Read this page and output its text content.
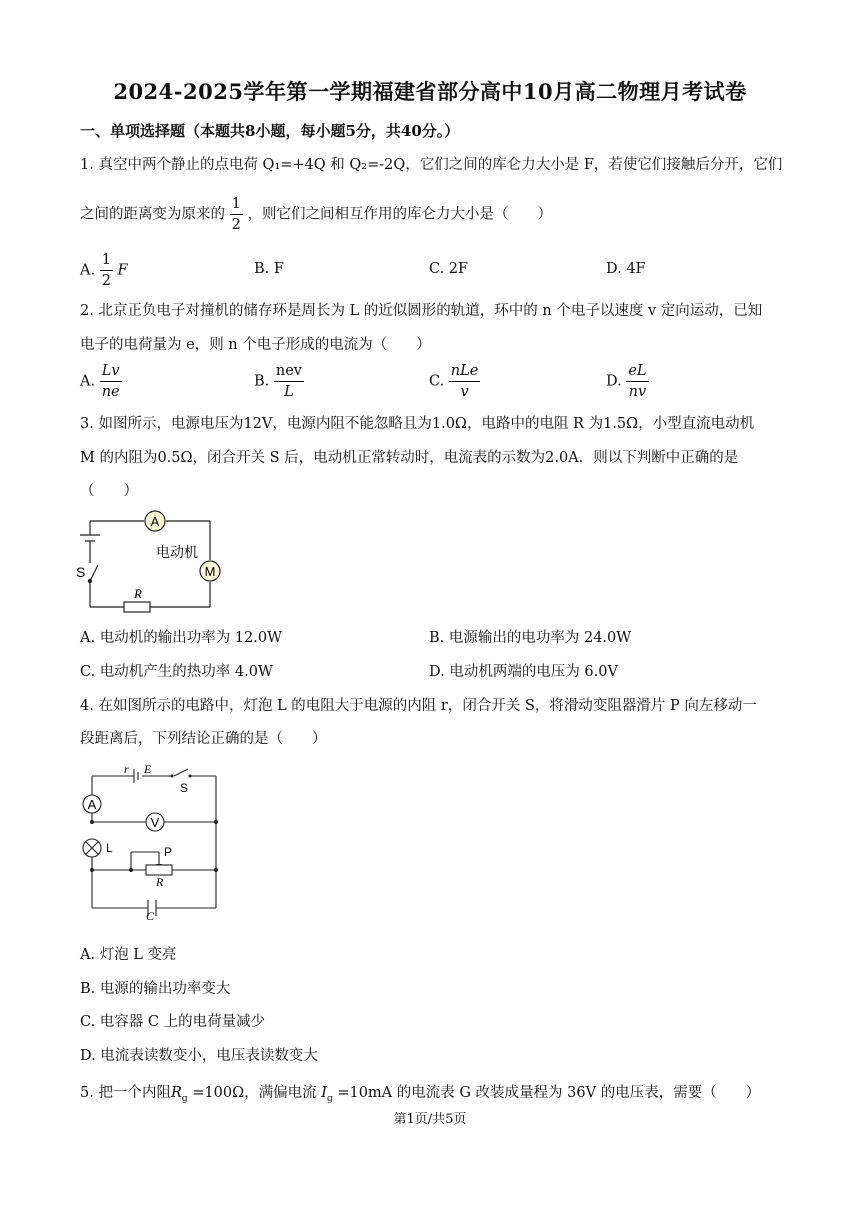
2024-2025学年第一学期福建省部分高中10月高二物理月考试卷
一、单项选择题（本题共8小题，每小题5分，共40分。）
1. 真空中两个静止的点电荷 Q₁=+4Q 和 Q₂=-2Q，它们之间的库仑力大小是 F，若使它们接触后分开，它们
之间的距离变为原来的 $\frac{1}{2}$ ，则它们之间相互作用的库仑力大小是（　　）
A. $\frac{1}{2}$ F	B. F	C. 2F	D. 4F
2. 北京正负电子对撞机的储存环是周长为 L 的近似圆形的轨道，环中的 n 个电子以速度 v 定向运动，已知
电子的电荷量为 e，则 n 个电子形成的电流为（　　）
A. $\frac{Lv}{ne}$	B. $\frac{\text{nev}}{L}$	C. $\frac{\text{nLe}}{v}$	D. $\frac{eL}{nv}$
3. 如图所示，电源电压为12V，电源内阻不能忽略且为1.0Ω，电路中的电阻 R 为1.5Ω，小型直流电动机
M 的内阻为0.5Ω，闭合开关 S 后，电动机正常转动时，电流表的示数为2.0A．则以下判断中正确的是
（　　）
A
M
电动机
S
R
A. 电动机的输出功率为 12.0W	B. 电源输出的电功率为 24.0W
C. 电动机产生的热功率 4.0W	D. 电动机两端的电压为 6.0V
4. 在如图所示的电路中，灯泡 L 的电阻大于电源的内阻 r，闭合开关 S，将滑动变阻器滑片 P 向左移动一
段距离后，下列结论正确的是（　　）
A
V
r E
S
L	P
R
C
A. 灯泡 L 变亮
B. 电源的输出功率变大
C. 电容器 C 上的电荷量减少
D. 电流表读数变小，电压表读数变大
5. 把一个内阻$R_g =100\Omega$，满偏电流 $I_g =10mA$ 的电流表 G 改装成量程为 36V 的电压表，需要（　　）
第1页/共5页
